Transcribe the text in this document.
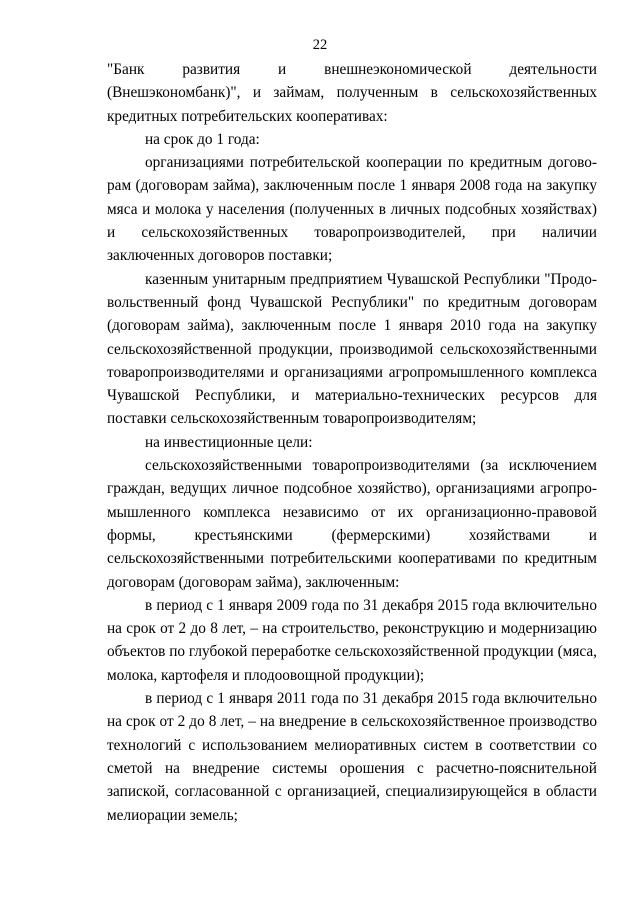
22

"Банк развития и внешнеэкономической деятельности (Внешэкономбанк)", и займам, полученным в сельскохозяйственных кредитных потребительских кооперативах:

на срок до 1 года:

организациями потребительской кооперации по кредитным договорам (договорам займа), заключенным после 1 января 2008 года на закупку мяса и молока у населения (полученных в личных подсобных хозяйствах) и сельскохозяйственных товаропроизводителей, при наличии заключенных договоров поставки;

казенным унитарным предприятием Чувашской Республики "Продовольственный фонд Чувашской Республики" по кредитным договорам (договорам займа), заключенным после 1 января 2010 года на закупку сельскохозяйственной продукции, производимой сельскохозяйственными товаропроизводителями и организациями агропромышленного комплекса Чувашской Республики, и материально-технических ресурсов для поставки сельскохозяйственным товаропроизводителям;

на инвестиционные цели:

сельскохозяйственными товаропроизводителями (за исключением граждан, ведущих личное подсобное хозяйство), организациями агропромышленного комплекса независимо от их организационно-правовой формы, крестьянскими (фермерскими) хозяйствами и сельскохозяйственными потребительскими кооперативами по кредитным договорам (договорам займа), заключенным:

в период с 1 января 2009 года по 31 декабря 2015 года включительно на срок от 2 до 8 лет, – на строительство, реконструкцию и модернизацию объектов по глубокой переработке сельскохозяйственной продукции (мяса, молока, картофеля и плодоовощной продукции);

в период с 1 января 2011 года по 31 декабря 2015 года включительно на срок от 2 до 8 лет, – на внедрение в сельскохозяйственное производство технологий с использованием мелиоративных систем в соответствии со сметой на внедрение системы орошения с расчетно-пояснительной запиской, согласованной с организацией, специализирующейся в области мелиорации земель;
